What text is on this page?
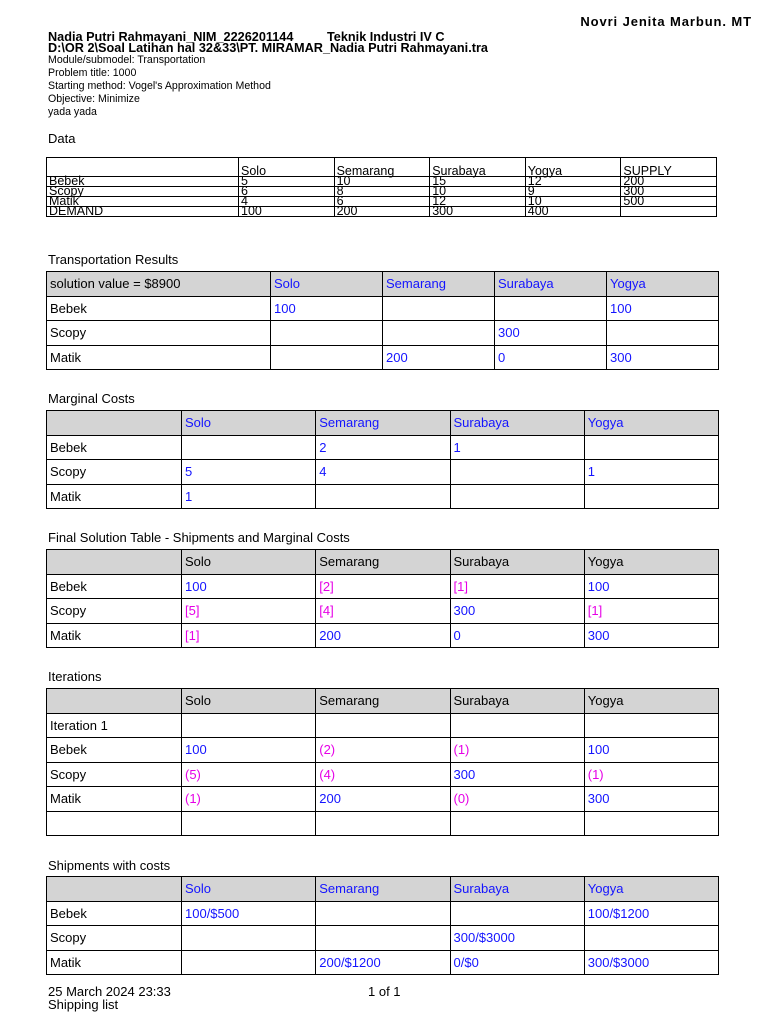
Novri Jenita Marbun. MT
Nadia Putri Rahmayani_NIM_2226201144	Teknik Industri IV C
D:\OR 2\Soal Latihan hal 32&33\PT. MIRAMAR_Nadia Putri Rahmayani.tra
Module/submodel: Transportation
Problem title: 1000
Starting method: Vogel's Approximation Method
Objective: Minimize
yada yada
Data
	Solo	Semarang	Surabaya	Yogya	SUPPLY
Bebek	5	10	15	12	200
Scopy	6	8	10	9	300
Matik	4	6	12	10	500
DEMAND	100	200	300	400	
Transportation Results
solution value = $8900	Solo	Semarang	Surabaya	Yogya
Bebek	100			100
Scopy			300	
Matik		200	0	300
Marginal Costs
	Solo	Semarang	Surabaya	Yogya
Bebek		2	1	
Scopy	5	4		1
Matik	1			
Final Solution Table - Shipments and Marginal Costs
	Solo	Semarang	Surabaya	Yogya
Bebek	100	[2]	[1]	100
Scopy	[5]	[4]	300	[1]
Matik	[1]	200	0	300
Iterations
	Solo	Semarang	Surabaya	Yogya
Iteration 1				
Bebek	100	(2)	(1)	100
Scopy	(5)	(4)	300	(1)
Matik	(1)	200	(0)	300

Shipments with costs
	Solo	Semarang	Surabaya	Yogya
Bebek	100/$500			100/$1200
Scopy			300/$3000	
Matik		200/$1200	0/$0	300/$3000
25 March 2024 23:33	1 of 1
Shipping list
